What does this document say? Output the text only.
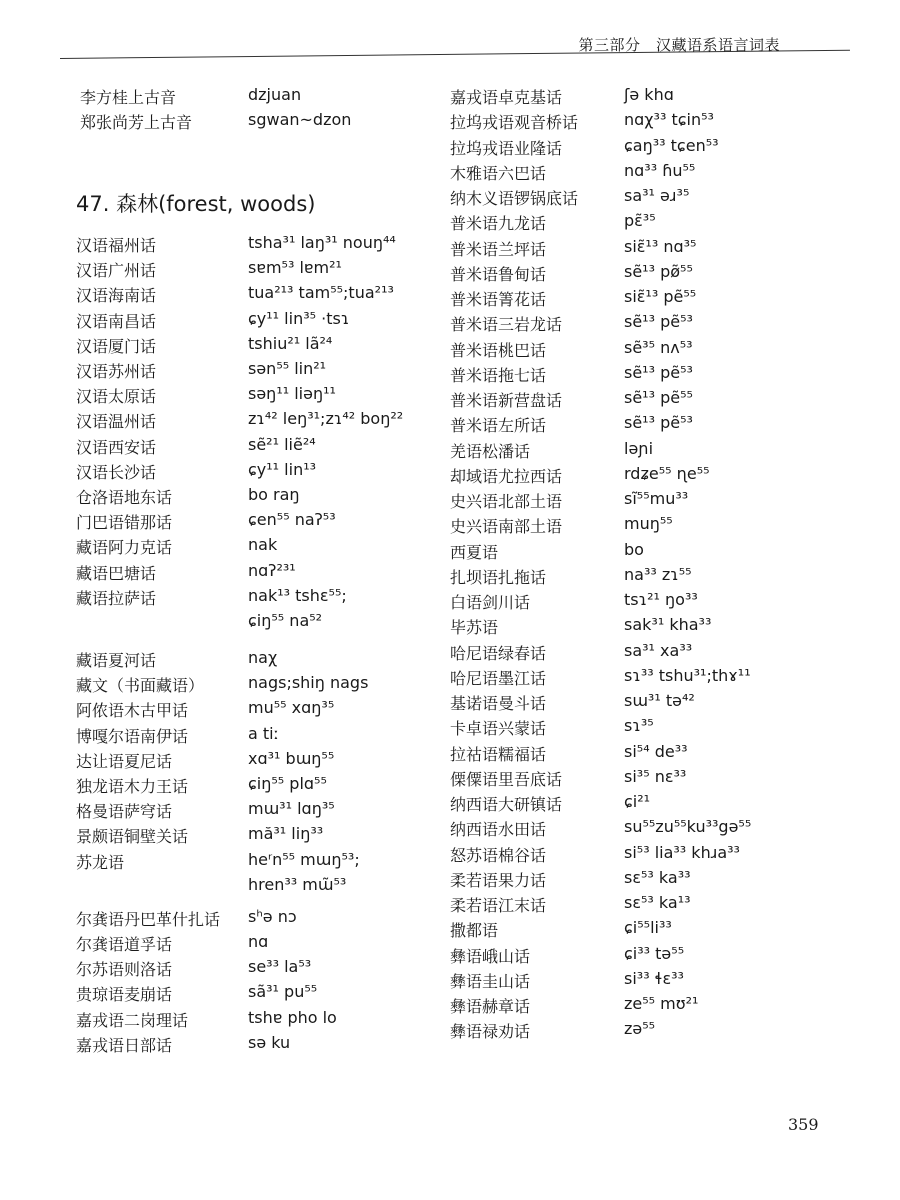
第三部分　汉藏语系语言词表
李方桂上古音	dzjuan
郑张尚芳上古音	sgwan~dzon
47. 森林(forest, woods)
汉语福州话	tsha³¹ laŋ³¹ nouŋ⁴⁴
汉语广州话	sɐm⁵³ lɐm²¹
汉语海南话	tua²¹³ tam⁵⁵;tua²¹³
汉语南昌话	ɕy¹¹ lin³⁵ ·tsɿ
汉语厦门话	tshiu²¹ lã²⁴
汉语苏州话	sən⁵⁵ lin²¹
汉语太原话	səŋ¹¹ liəŋ¹¹
汉语温州话	zɿ⁴² leŋ³¹;zɿ⁴² boŋ²²
汉语西安话	sẽ²¹ liẽ²⁴
汉语长沙话	ɕy¹¹ lin¹³
仓洛语地东话	bo raŋ
门巴语错那话	ɕen⁵⁵ naʔ⁵³
藏语阿力克话	nak
藏语巴塘话	nɑʔ²³¹
藏语拉萨话	nak¹³ tshɛ⁵⁵;
ɕiŋ⁵⁵ na⁵²
藏语夏河话	naχ
藏文（书面藏语）	nags;shiŋ nags
阿侬语木古甲话	mu⁵⁵ xɑŋ³⁵
博嘎尔语南伊话	a tiː
达让语夏尼话	xɑ³¹ bɯŋ⁵⁵
独龙语木力王话	ɕiŋ⁵⁵ plɑ⁵⁵
格曼语萨穹话	mɯ³¹ lɑŋ³⁵
景颇语铜壁关话	mă³¹ liŋ³³
苏龙语	heʳn⁵⁵ mɯŋ⁵³;
hren³³ mɯ̃⁵³
尔龚语丹巴革什扎话 sʰə nɔ
尔龚语道孚话	nɑ
尔苏语则洛话	se³³ la⁵³
贵琼语麦崩话	sã³¹ pu⁵⁵
嘉戎语二岗理话	tshɐ pho lo
嘉戎语日部话	sə ku
嘉戎语卓克基话	ʃə khɑ
拉坞戎语观音桥话	nɑχ³³ tɕin⁵³
拉坞戎语业隆话	ɕaŋ³³ tɕen⁵³
木雅语六巴话	nɑ³³ ɦu⁵⁵
纳木义语锣锅底话	sa³¹ əɹ³⁵
普米语九龙话	pɛ̃³⁵
普米语兰坪话	siɛ̃¹³ nɑ³⁵
普米语鲁甸话	sẽ¹³ pø̃⁵⁵
普米语箐花话	siɛ̃¹³ pẽ⁵⁵
普米语三岩龙话	sẽ¹³ pẽ⁵³
普米语桃巴话	sẽ³⁵ nʌ⁵³
普米语拖七话	sẽ¹³ pẽ⁵³
普米语新营盘话	sẽ¹³ pẽ⁵⁵
普米语左所话	sẽ¹³ pẽ⁵³
羌语松潘话	ləɲi
却域语尤拉西话	rdʑe⁵⁵ ɳe⁵⁵
史兴语北部土语	sĩ⁵⁵mu³³
史兴语南部土语	muŋ⁵⁵
西夏语	bo
扎坝语扎拖话	na³³ zɿ⁵⁵
白语剑川话	tsɿ²¹ ŋo³³
毕苏语	sak³¹ kha³³
哈尼语绿春话	sa³¹ xa³³
哈尼语墨江话	sɿ³³ tshu³¹;thɤ¹¹
基诺语曼斗话	sɯ³¹ tə⁴²
卡卓语兴蒙话	sɿ³⁵
拉祜语糯福话	si⁵⁴ de³³
傈僳语里吾底话	si³⁵ nɛ³³
纳西语大研镇话	ɕi²¹
纳西语水田话	su⁵⁵zu⁵⁵ku³³gə⁵⁵
怒苏语棉谷话	si⁵³ lia³³ khɹa³³
柔若语果力话	sɛ⁵³ ka³³
柔若语江末话	sɛ⁵³ ka¹³
撒都语	ɕi⁵⁵li³³
彝语峨山话	ɕi³³ tə⁵⁵
彝语圭山话	si³³ ɬɛ³³
彝语赫章话	ze⁵⁵ mʊ²¹
彝语禄劝话	zə⁵⁵
359
